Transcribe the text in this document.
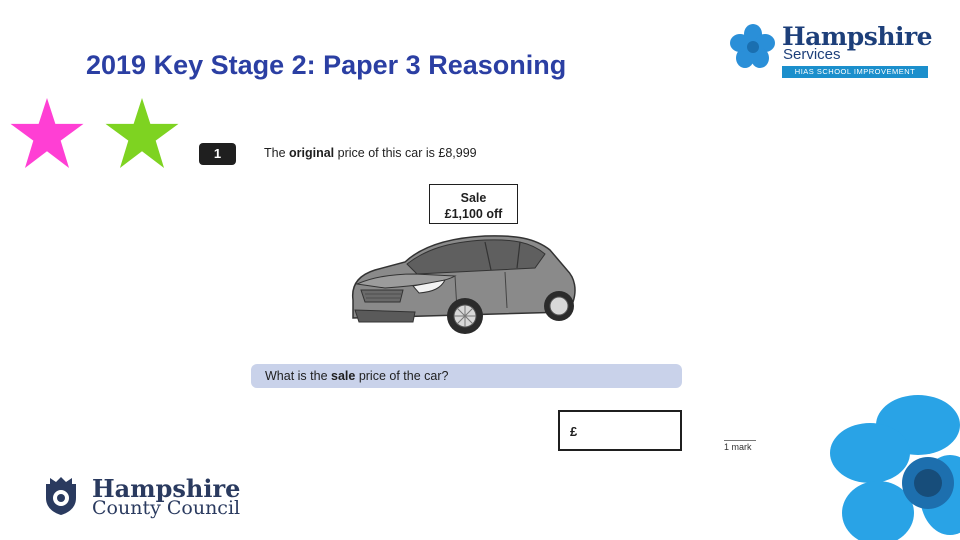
2019 Key Stage 2: Paper 3 Reasoning
Hampshire
Services
HIAS SCHOOL IMPROVEMENT
1	The original price of this car is £8,999
Sale
£1,100 off
What is the sale price of the car?
£
1 mark
Hampshire
County Council
